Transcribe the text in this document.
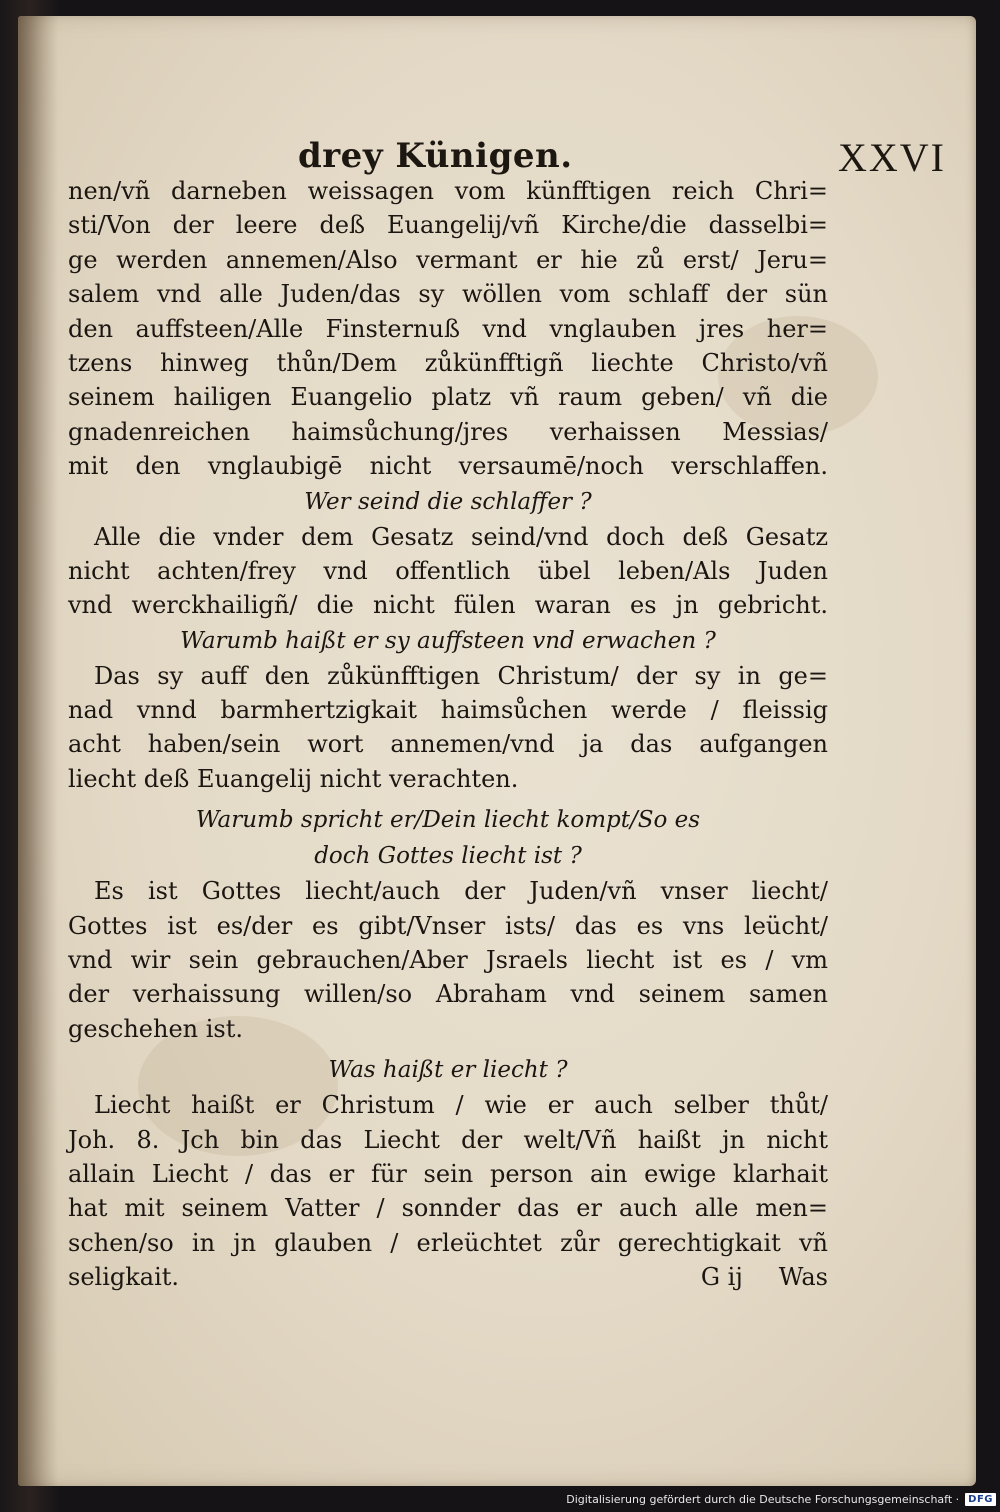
drey Künigen.	XXVI
nen/vñ darneben weissagen vom künfftigen reich Chri=
sti/Von der leere deß Euangelij/vñ Kirche/die dasselbi=
ge werden annemen/Also vermant er hie zů erst/ Jeru=
salem vnd alle Juden/das sy wöllen vom schlaff der sün
den auffsteen/Alle Finsternuß vnd vnglauben jres her=
tzens hinweg thůn/Dem zůkünfftigñ liechte Christo/vñ
seinem hailigen Euangelio platz vñ raum geben/ vñ die
gnadenreichen haimsůchung/jres verhaissen Messias/
mit den vnglaubigē nicht versaumē/noch verschlaffen.
Wer seind die schlaffer ?
Alle die vnder dem Gesatz seind/vnd doch deß Gesatz
nicht achten/frey vnd offentlich übel leben/Als Juden
vnd werckhailigñ/ die nicht fülen waran es jn gebricht.
Warumb haißt er sy auffsteen vnd erwachen ?
Das sy auff den zůkünfftigen Christum/ der sy in ge=
nad vnnd barmhertzigkait haimsůchen werde / fleissig
acht haben/sein wort annemen/vnd ja das aufgangen
liecht deß Euangelij nicht verachten.
Warumb spricht er/Dein liecht kompt/So es
doch Gottes liecht ist ?
Es ist Gottes liecht/auch der Juden/vñ vnser liecht/
Gottes ist es/der es gibt/Vnser ists/ das es vns leücht/
vnd wir sein gebrauchen/Aber Jsraels liecht ist es / vm
der verhaissung willen/so Abraham vnd seinem samen
geschehen ist.
Was haißt er liecht ?
Liecht haißt er Christum / wie er auch selber thůt/
Joh. 8. Jch bin das Liecht der welt/Vñ haißt jn nicht
allain Liecht / das er für sein person ain ewige klarhait
hat mit seinem Vatter / sonnder das er auch alle men=
schen/so in jn glauben / erleüchtet zůr gerechtigkait vñ
seligkait.	G ij Was
Digitalisierung gefördert durch die Deutsche Forschungsgemeinschaft · DFG
